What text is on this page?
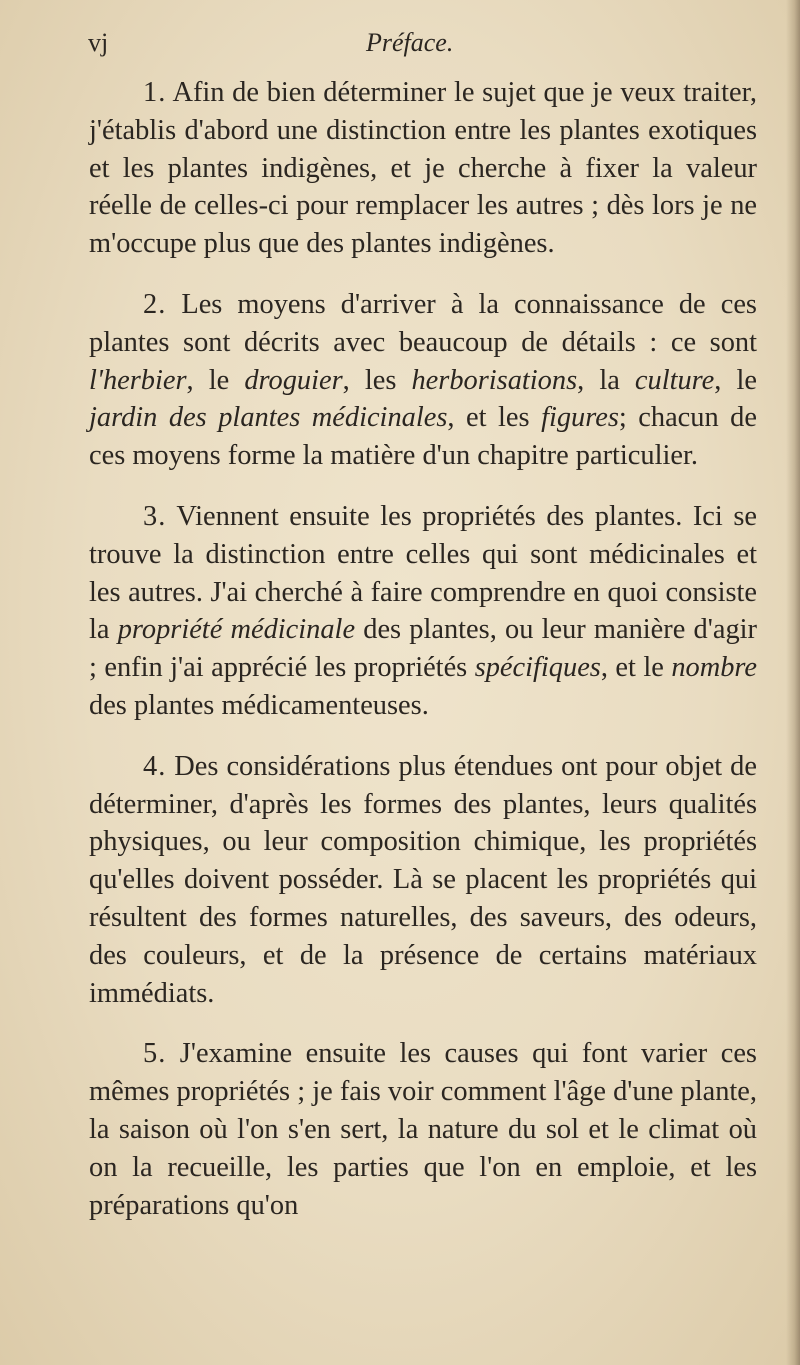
vj	Préface.

1. Afin de bien déterminer le sujet que je veux traiter, j'établis d'abord une distinction entre les plantes exotiques et les plantes indigènes, et je cherche à fixer la valeur réelle de celles-ci pour remplacer les autres ; dès lors je ne m'occupe plus que des plantes indigènes.

2. Les moyens d'arriver à la connaissance de ces plantes sont décrits avec beaucoup de détails : ce sont l'herbier, le droguier, les herborisations, la culture, le jardin des plantes médicinales, et les figures; chacun de ces moyens forme la matière d'un chapitre particulier.

3. Viennent ensuite les propriétés des plantes. Ici se trouve la distinction entre celles qui sont médicinales et les autres. J'ai cherché à faire comprendre en quoi consiste la propriété médicinale des plantes, ou leur manière d'agir ; enfin j'ai apprécié les propriétés spécifiques, et le nombre des plantes médicamenteuses.

4. Des considérations plus étendues ont pour objet de déterminer, d'après les formes des plantes, leurs qualités physiques, ou leur composition chimique, les propriétés qu'elles doivent posséder. Là se placent les propriétés qui résultent des formes naturelles, des saveurs, des odeurs, des couleurs, et de la présence de certains matériaux immédiats.

5. J'examine ensuite les causes qui font varier ces mêmes propriétés ; je fais voir comment l'âge d'une plante, la saison où l'on s'en sert, la nature du sol et le climat où on la recueille, les parties que l'on en emploie, et les préparations qu'on
